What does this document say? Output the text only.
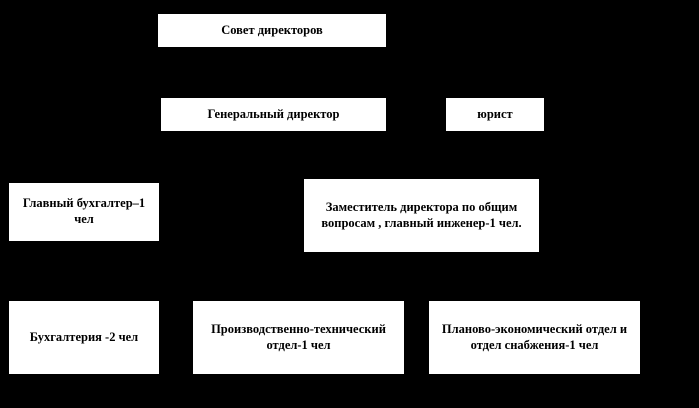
Совет директоров
Генеральный директор	юрист
Главный бухгалтер–1 чел
Заместитель директора по общим вопросам , главный инженер-1 чел.
Бухгалтерия -2 чел
Производственно-технический отдел-1 чел
Планово-экономический отдел и отдел снабжения-1 чел
